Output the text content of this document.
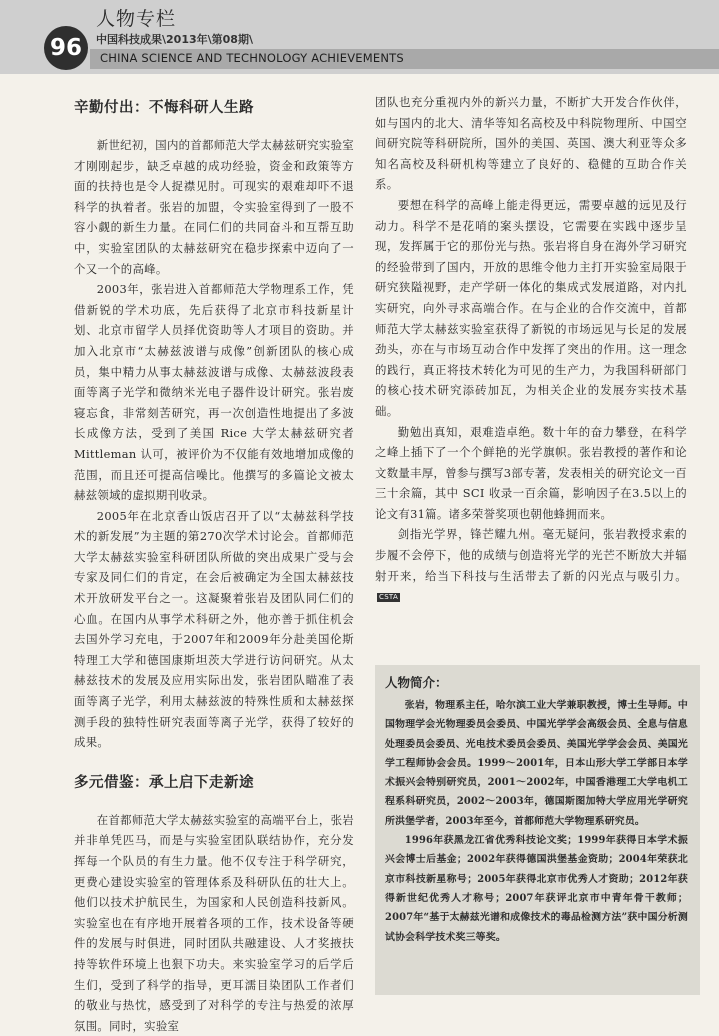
96
人物专栏
中国科技成果\2013年\第08期\
CHINA SCIENCE AND TECHNOLOGY ACHIEVEMENTS
辛勤付出：不悔科研人生路

新世纪初，国内的首都师范大学太赫兹研究实验室才刚刚起步，缺乏卓越的成功经验，资金和政策等方面的扶持也是令人捉襟见肘。可现实的艰难却吓不退科学的执着者。张岩的加盟，令实验室得到了一股不容小觑的新生力量。在同仁们的共同奋斗和互帮互助中，实验室团队的太赫兹研究在稳步探索中迈向了一个又一个的高峰。

2003年，张岩进入首都师范大学物理系工作，凭借新锐的学术功底，先后获得了北京市科技新星计划、北京市留学人员择优资助等人才项目的资助。并加入北京市“太赫兹波谱与成像”创新团队的核心成员，集中精力从事太赫兹波谱与成像、太赫兹波段表面等离子光学和微纳米光电子器件设计研究。张岩废寝忘食，非常刻苦研究，再一次创造性地提出了多波长成像方法，受到了美国 Rice 大学太赫兹研究者 Mittleman 认可，被评价为不仅能有效地增加成像的范围，而且还可提高信噪比。他撰写的多篇论文被太赫兹领域的虚拟期刊收录。

2005年在北京香山饭店召开了以“太赫兹科学技术的新发展”为主题的第270次学术讨论会。首都师范大学太赫兹实验室科研团队所做的突出成果广受与会专家及同仁们的肯定，在会后被确定为全国太赫兹技术开放研发平台之一。这凝聚着张岩及团队同仁们的心血。在国内从事学术科研之外，他亦善于抓住机会去国外学习充电，于2007年和2009年分赴美国伦斯特理工大学和德国康斯坦茨大学进行访问研究。从太赫兹技术的发展及应用实际出发，张岩团队瞄准了表面等离子光学，利用太赫兹波的特殊性质和太赫兹探测手段的独特性研究表面等离子光学，获得了较好的成果。

多元借鉴：承上启下走新途

在首都师范大学太赫兹实验室的高端平台上，张岩并非单凭匹马，而是与实验室团队联结协作，充分发挥每一个队员的有生力量。他不仅专注于科学研究，更费心建设实验室的管理体系及科研队伍的壮大上。他们以技术护航民生，为国家和人民创造科技新风。实验室也在有序地开展着各项的工作，技术设备等硬件的发展与时俱进，同时团队共融建设、人才奖掖扶持等软件环境上也狠下功夫。来实验室学习的后学后生们，受到了科学的指导，更耳濡目染团队工作者们的敬业与热忱，感受到了对科学的专注与热爱的浓厚氛围。同时，实验室

团队也充分重视内外的新兴力量，不断扩大开发合作伙伴，如与国内的北大、清华等知名高校及中科院物理所、中国空间研究院等科研院所，国外的美国、英国、澳大利亚等众多知名高校及科研机构等建立了良好的、稳健的互助合作关系。

要想在科学的高峰上能走得更远，需要卓越的远见及行动力。科学不是花哨的案头摆设，它需要在实践中逐步呈现，发挥属于它的那份光与热。张岩将自身在海外学习研究的经验带到了国内，开放的思维令他力主打开实验室局限于研究狭隘视野，走产学研一体化的集成式发展道路，对内扎实研究，向外寻求高端合作。在与企业的合作交流中，首都师范大学太赫兹实验室获得了新锐的市场远见与长足的发展劲头，亦在与市场互动合作中发挥了突出的作用。这一理念的践行，真正将技术转化为可见的生产力，为我国科研部门的核心技术研究添砖加瓦，为相关企业的发展夯实技术基础。

勤勉出真知，艰难造卓绝。数十年的奋力攀登，在科学之峰上插下了一个个鲜艳的光学旗帜。张岩教授的著作和论文数量丰厚，曾参与撰写3部专著，发表相关的研究论文一百三十余篇，其中 SCI 收录一百余篇，影响因子在3.5以上的论文有31篇。诸多荣誉奖项也朝他蜂拥而来。

剑指光学界，锋芒耀九州。毫无疑问，张岩教授求索的步履不会停下，他的成绩与创造将光学的光芒不断放大并辐射开来，给当下科技与生活带去了新的闪光点与吸引力。CSTA

人物简介：

张岩，物理系主任，哈尔滨工业大学兼职教授，博士生导师。中国物理学会光物理委员会委员、中国光学学会高级会员、全息与信息处理委员会委员、光电技术委员会委员、美国光学学会会员、美国光学工程师协会会员。1999～2001年，日本山形大学工学部日本学术振兴会特别研究员，2001～2002年，中国香港理工大学电机工程系科研究员，2002～2003年，德国斯图加特大学应用光学研究所洪堡学者，2003年至今，首都师范大学物理系研究员。

1996年获黑龙江省优秀科技论文奖；1999年获得日本学术振兴会博士后基金；2002年获得德国洪堡基金资助；2004年荣获北京市科技新星称号；2005年获得北京市优秀人才资助；2012年获得新世纪优秀人才称号；2007年获评北京市中青年骨干教师；2007年“基于太赫兹光谱和成像技术的毒品检测方法”获中国分析测试协会科学技术奖三等奖。
